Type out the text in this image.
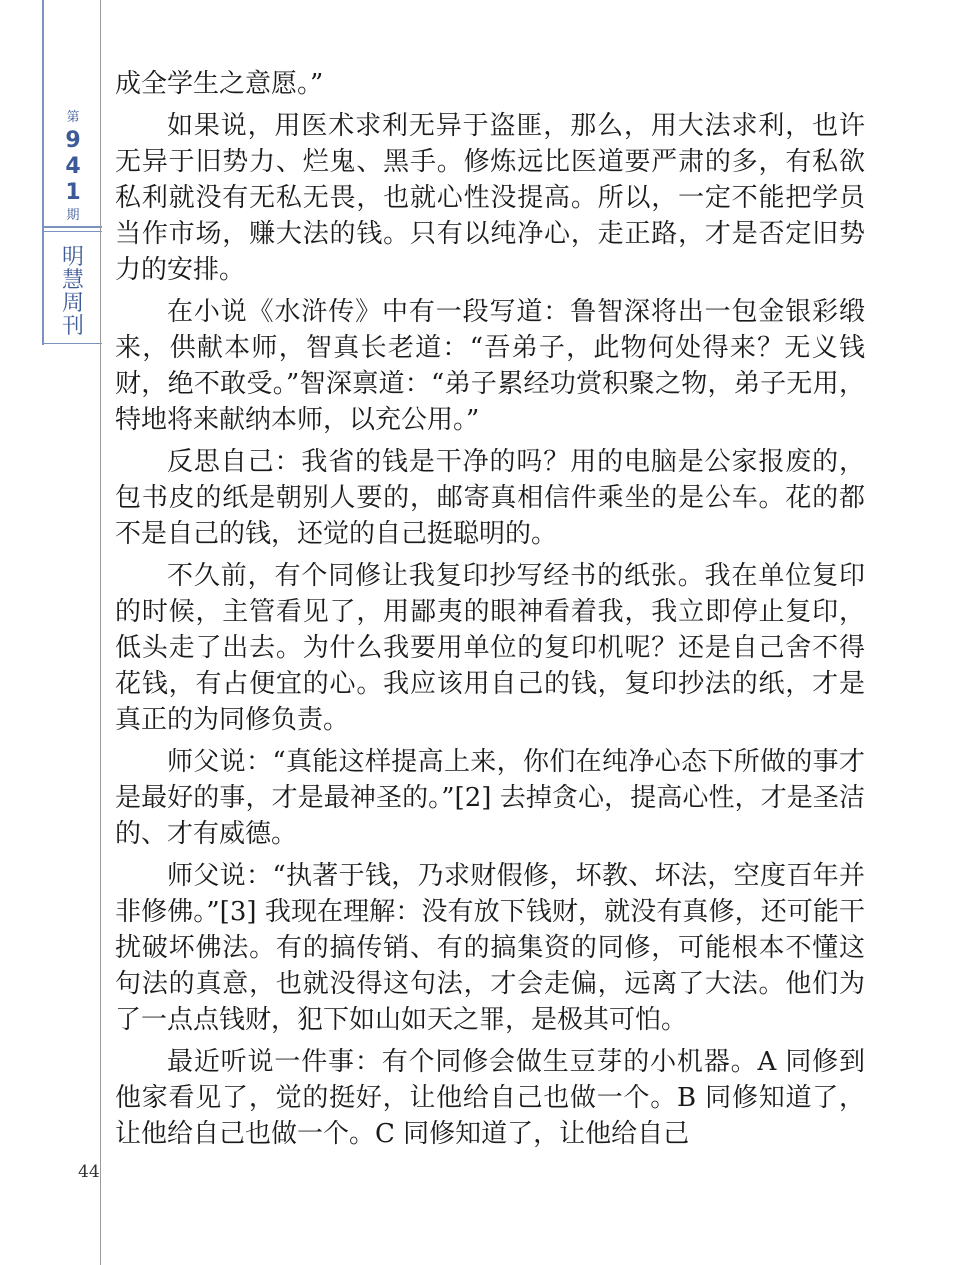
第
9
4
1
期
明
慧
周
刊
44

成全学生之意愿。”

如果说，用医术求利无异于盗匪，那么，用大法求利，也许无异于旧势力、烂鬼、黑手。修炼远比医道要严肃的多，有私欲私利就没有无私无畏，也就心性没提高。所以，一定不能把学员当作市场，赚大法的钱。只有以纯净心，走正路，才是否定旧势力的安排。

在小说《水浒传》中有一段写道：鲁智深将出一包金银彩缎来，供献本师，智真长老道：“吾弟子，此物何处得来？无义钱财，绝不敢受。”智深禀道：“弟子累经功赏积聚之物，弟子无用，特地将来献纳本师，以充公用。”

反思自己：我省的钱是干净的吗？用的电脑是公家报废的，包书皮的纸是朝别人要的，邮寄真相信件乘坐的是公车。花的都不是自己的钱，还觉的自己挺聪明的。

不久前，有个同修让我复印抄写经书的纸张。我在单位复印的时候，主管看见了，用鄙夷的眼神看着我，我立即停止复印，低头走了出去。为什么我要用单位的复印机呢？还是自己舍不得花钱，有占便宜的心。我应该用自己的钱，复印抄法的纸，才是真正的为同修负责。

师父说：“真能这样提高上来，你们在纯净心态下所做的事才是最好的事，才是最神圣的。”[2] 去掉贪心，提高心性，才是圣洁的、才有威德。

师父说：“执著于钱，乃求财假修，坏教、坏法，空度百年并非修佛。”[3] 我现在理解：没有放下钱财，就没有真修，还可能干扰破坏佛法。有的搞传销、有的搞集资的同修，可能根本不懂这句法的真意，也就没得这句法，才会走偏，远离了大法。他们为了一点点钱财，犯下如山如天之罪，是极其可怕。

最近听说一件事：有个同修会做生豆芽的小机器。A 同修到他家看见了，觉的挺好，让他给自己也做一个。B 同修知道了，让他给自己也做一个。C 同修知道了，让他给自己
